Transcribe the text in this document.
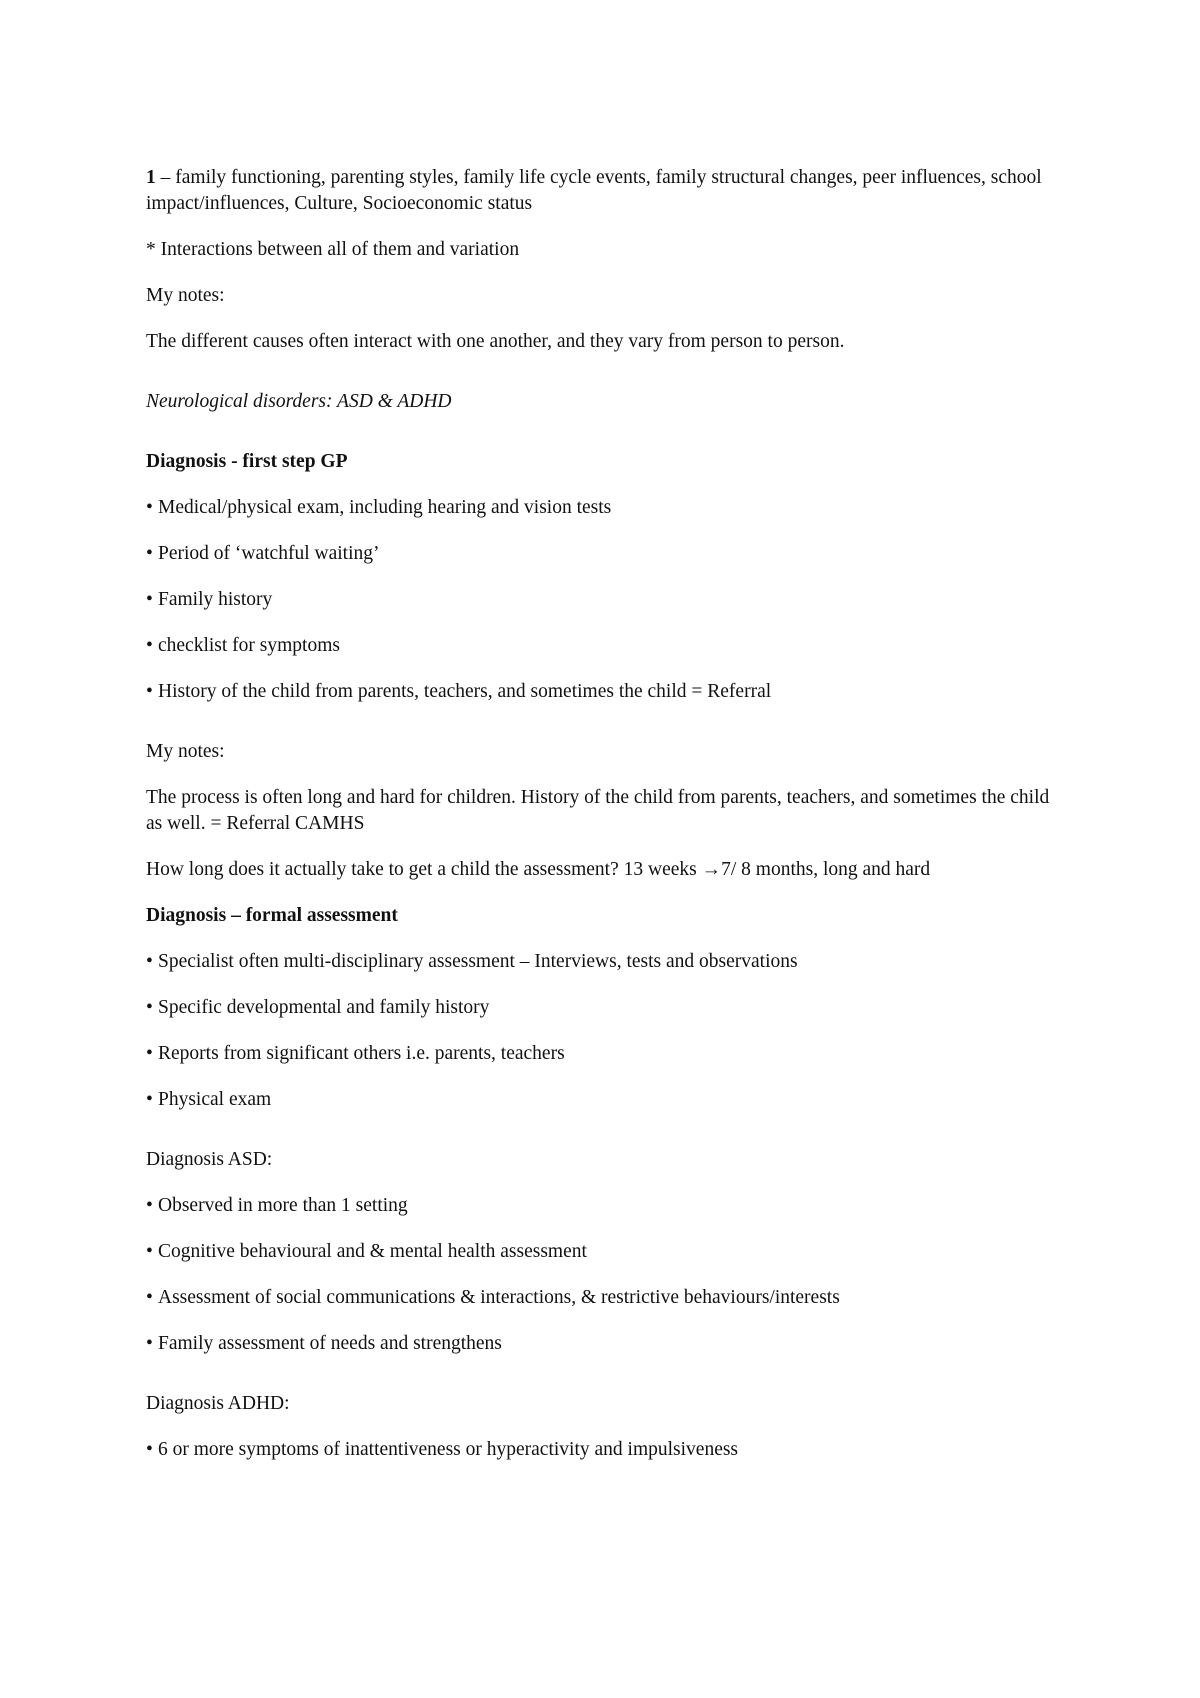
1 – family functioning, parenting styles, family life cycle events, family structural changes, peer influences, school impact/influences, Culture, Socioeconomic status

* Interactions between all of them and variation

My notes:

The different causes often interact with one another, and they vary from person to person.

Neurological disorders: ASD & ADHD

Diagnosis - first step GP

• Medical/physical exam, including hearing and vision tests

• Period of ‘watchful waiting’

• Family history

• checklist for symptoms

• History of the child from parents, teachers, and sometimes the child = Referral

My notes:

The process is often long and hard for children. History of the child from parents, teachers, and sometimes the child as well. = Referral CAMHS

How long does it actually take to get a child the assessment? 13 weeks →7/ 8 months, long and hard

Diagnosis – formal assessment

• Specialist often multi-disciplinary assessment – Interviews, tests and observations

• Specific developmental and family history

• Reports from significant others i.e. parents, teachers

• Physical exam

Diagnosis ASD:

• Observed in more than 1 setting

• Cognitive behavioural and & mental health assessment

• Assessment of social communications & interactions, & restrictive behaviours/interests

• Family assessment of needs and strengthens

Diagnosis ADHD:

• 6 or more symptoms of inattentiveness or hyperactivity and impulsiveness
